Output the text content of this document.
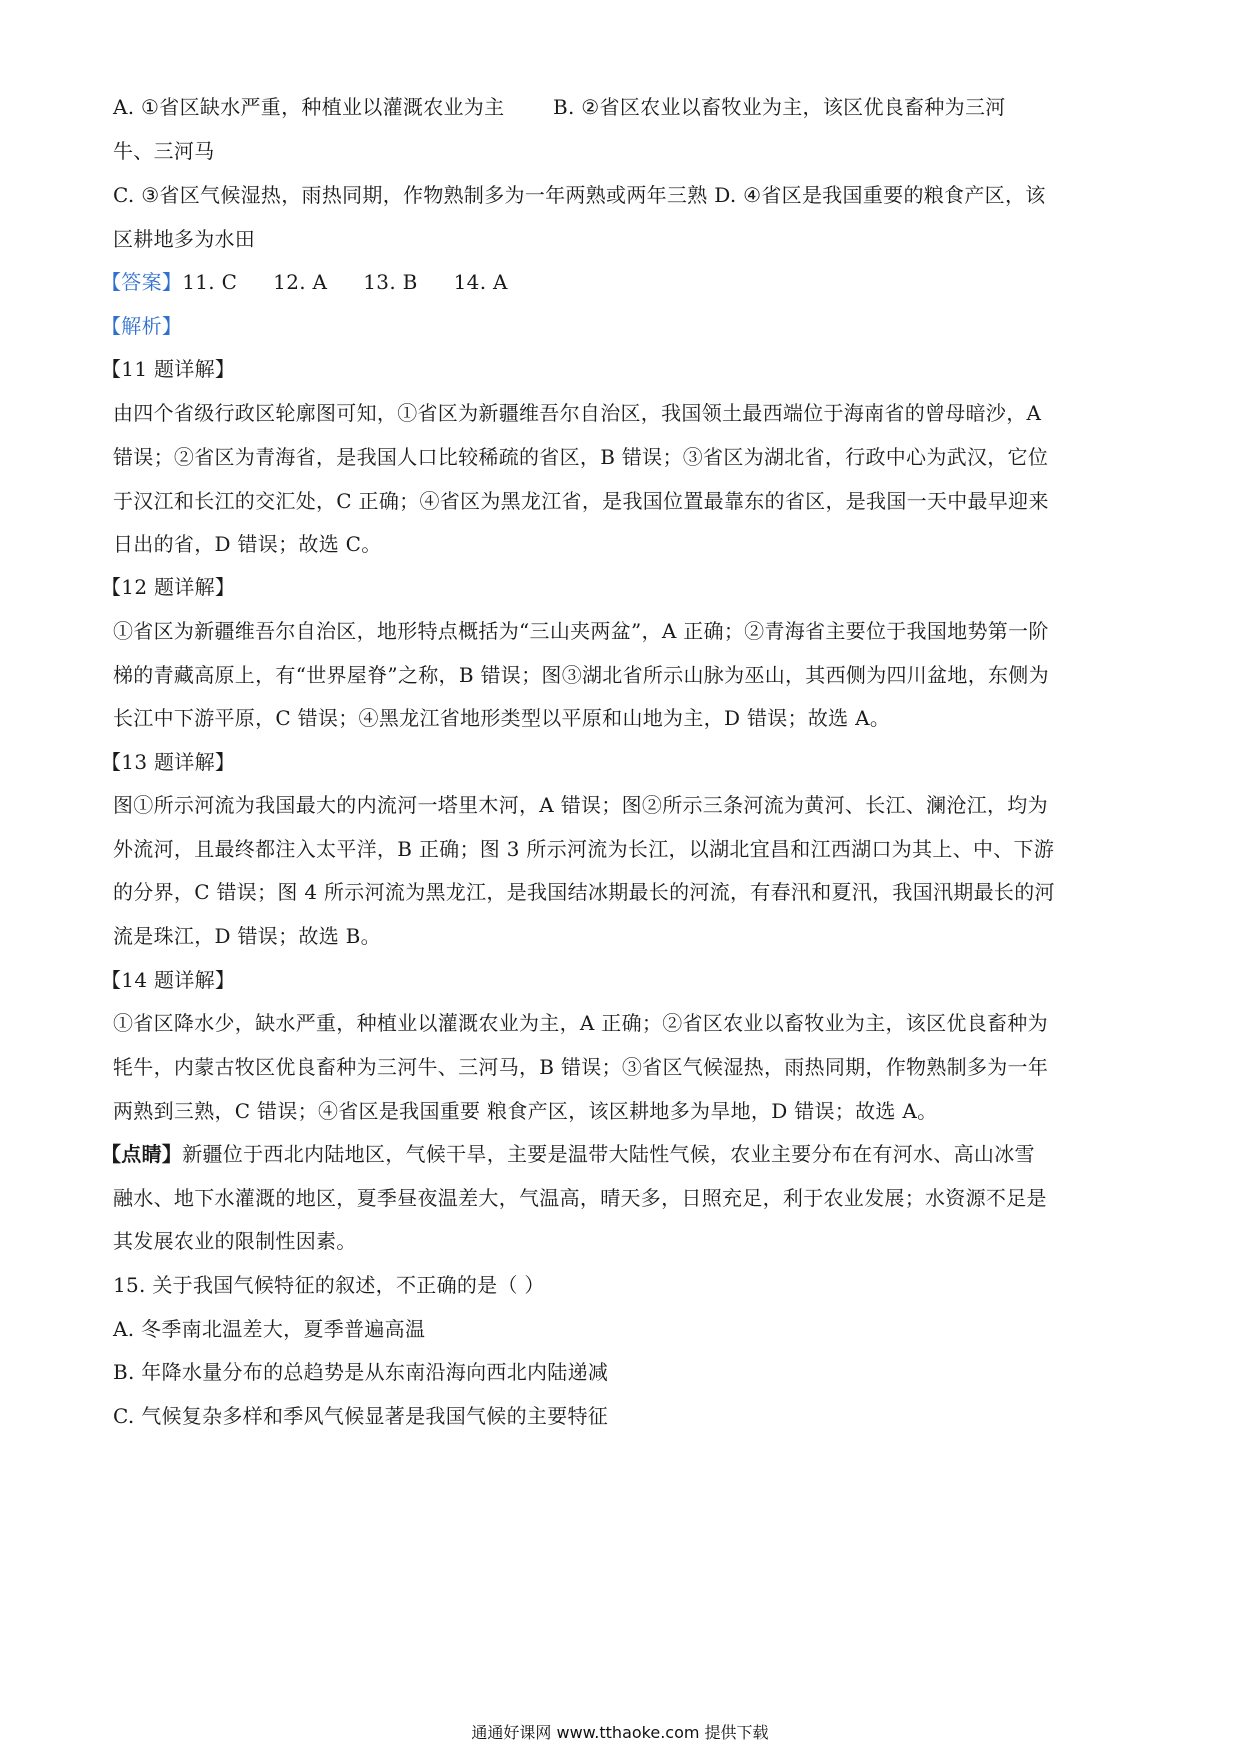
A. ①省区缺水严重，种植业以灌溉农业为主 B. ②省区农业以畜牧业为主，该区优良畜种为三河
牛、三河马
C. ③省区气候湿热，雨热同期，作物熟制多为一年两熟或两年三熟 D. ④省区是我国重要的粮食产区，该
区耕地多为水田
【答案】11. C 12. A 13. B 14. A
【解析】
【11 题详解】
由四个省级行政区轮廓图可知，①省区为新疆维吾尔自治区，我国领土最西端位于海南省的曾母暗沙，A
错误；②省区为青海省，是我国人口比较稀疏的省区，B 错误；③省区为湖北省，行政中心为武汉，它位
于汉江和长江的交汇处，C 正确；④省区为黑龙江省，是我国位置最靠东的省区，是我国一天中最早迎来
日出的省，D 错误；故选 C。
【12 题详解】
①省区为新疆维吾尔自治区，地形特点概括为“三山夹两盆”，A 正确；②青海省主要位于我国地势第一阶
梯的青藏高原上，有“世界屋脊”之称，B 错误；图③湖北省所示山脉为巫山，其西侧为四川盆地，东侧为
长江中下游平原，C 错误；④黑龙江省地形类型以平原和山地为主，D 错误；故选 A。
【13 题详解】
图①所示河流为我国最大的内流河一塔里木河，A 错误；图②所示三条河流为黄河、长江、澜沧江，均为
外流河，且最终都注入太平洋，B 正确；图 3 所示河流为长江，以湖北宜昌和江西湖口为其上、中、下游
的分界，C 错误；图 4 所示河流为黑龙江，是我国结冰期最长的河流，有春汛和夏汛，我国汛期最长的河
流是珠江，D 错误；故选 B。
【14 题详解】
①省区降水少，缺水严重，种植业以灌溉农业为主，A 正确；②省区农业以畜牧业为主，该区优良畜种为
牦牛，内蒙古牧区优良畜种为三河牛、三河马，B 错误；③省区气候湿热，雨热同期，作物熟制多为一年
两熟到三熟，C 错误；④省区是我国重要 粮食产区，该区耕地多为旱地，D 错误；故选 A。
【点睛】新疆位于西北内陆地区，气候干旱，主要是温带大陆性气候，农业主要分布在有河水、高山冰雪
融水、地下水灌溉的地区，夏季昼夜温差大，气温高，晴天多，日照充足，利于农业发展；水资源不足是
其发展农业的限制性因素。
15. 关于我国气候特征的叙述，不正确的是（ ）
A. 冬季南北温差大，夏季普遍高温
B. 年降水量分布的总趋势是从东南沿海向西北内陆递减
C. 气候复杂多样和季风气候显著是我国气候的主要特征
通通好课网 www.tthaoke.com 提供下载
